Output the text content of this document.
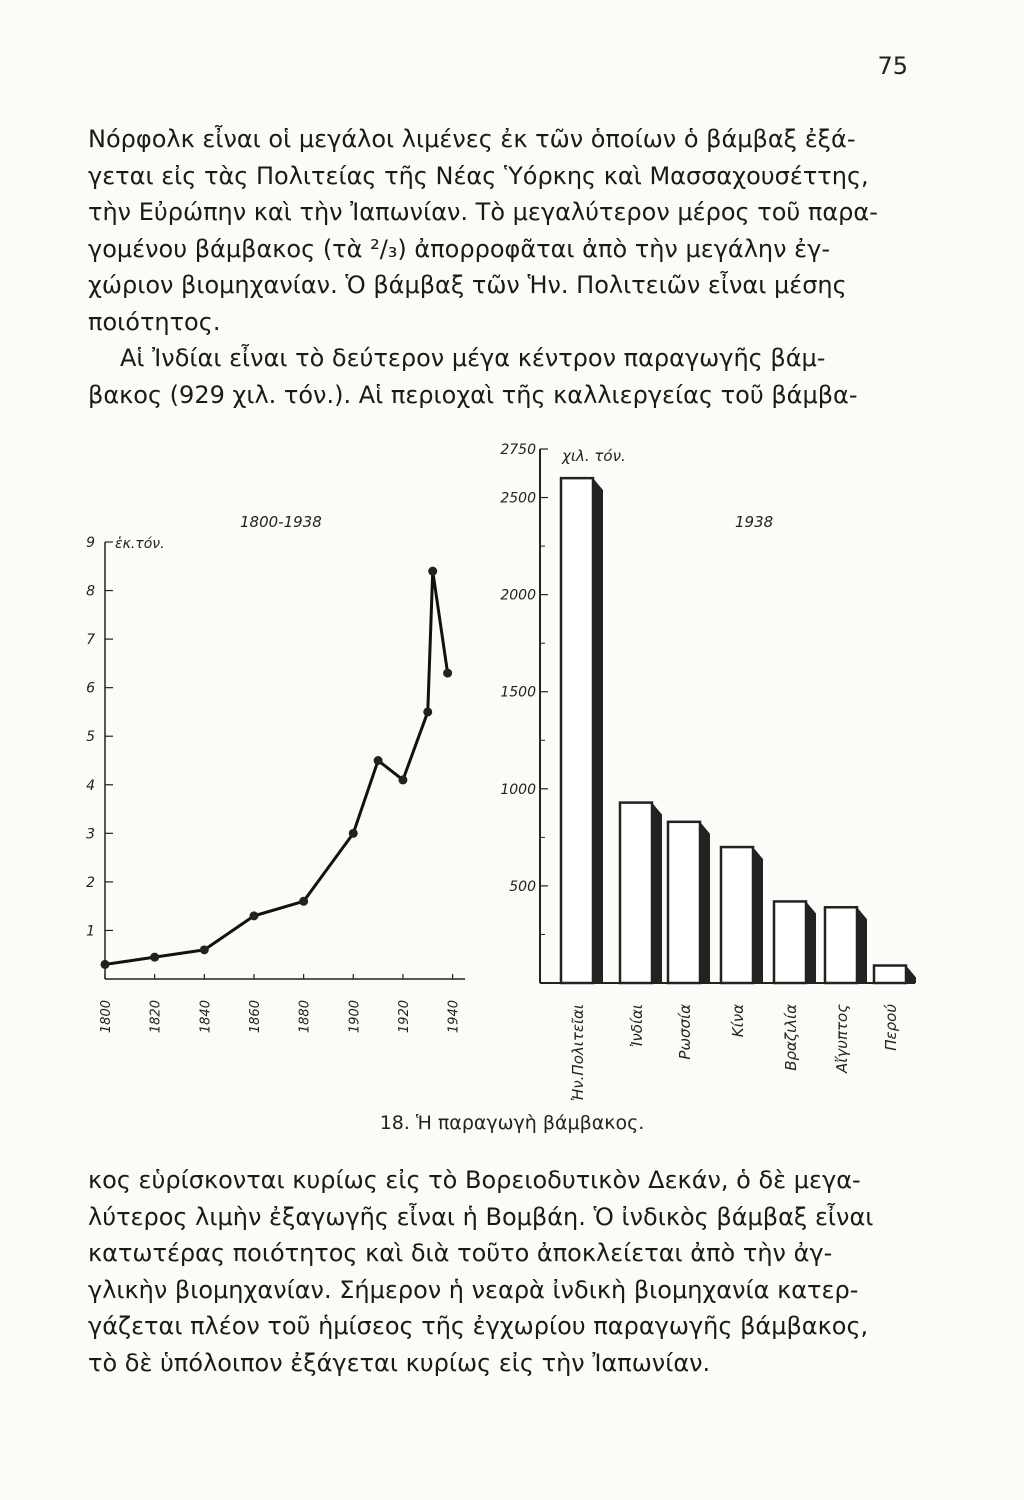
75

Νόρφολκ εἶναι οἱ μεγάλοι λιμένες ἐκ τῶν ὁποίων ὁ βάμβαξ ἐξά-
γεται εἰς τὰς Πολιτείας τῆς Νέας Ὑόρκης καὶ Μασσαχουσέττης,
τὴν Εὐρώπην καὶ τὴν Ἰαπωνίαν. Τὸ μεγαλύτερον μέρος τοῦ παρα-
γομένου βάμβακος (τὰ ²/₃) ἀπορροφᾶται ἀπὸ τὴν μεγάλην ἐγ-
χώριον βιομηχανίαν. Ὁ βάμβαξ τῶν Ἡν. Πολιτειῶν εἶναι μέσης
ποιότητος.

Αἱ Ἰνδίαι εἶναι τὸ δεύτερον μέγα κέντρον παραγωγῆς βάμ-
βακος (929 χιλ. τόν.). Αἱ περιοχαὶ τῆς καλλιεργείας τοῦ βάμβα-

1
2
3
4
5
6
7
8
9 ἑκ.τόν.
1800-1938
1800	1820	1840	1860	1880	1900	1920	1940
500
1000
1500
2000
2500
2750 χιλ. τόν.
1938
Ἡν.Πολιτεῖαι	Ἰνδίαι Ρωσσία Κίνα Βραζιλία Αἴγυπτος Περού
18. Ἡ παραγωγὴ βάμβακος.

κος εὑρίσκονται κυρίως εἰς τὸ Βορειοδυτικὸν Δεκάν, ὁ δὲ μεγα-
λύτερος λιμὴν ἐξαγωγῆς εἶναι ἡ Βομβάη. Ὁ ἰνδικὸς βάμβαξ εἶναι
κατωτέρας ποιότητος καὶ διὰ τοῦτο ἀποκλείεται ἀπὸ τὴν ἀγ-
γλικὴν βιομηχανίαν. Σήμερον ἡ νεαρὰ ἰνδικὴ βιομηχανία κατερ-
γάζεται πλέον τοῦ ἡμίσεος τῆς ἐγχωρίου παραγωγῆς βάμβακος,
τὸ δὲ ὑπόλοιπον ἐξάγεται κυρίως εἰς τὴν Ἰαπωνίαν.
